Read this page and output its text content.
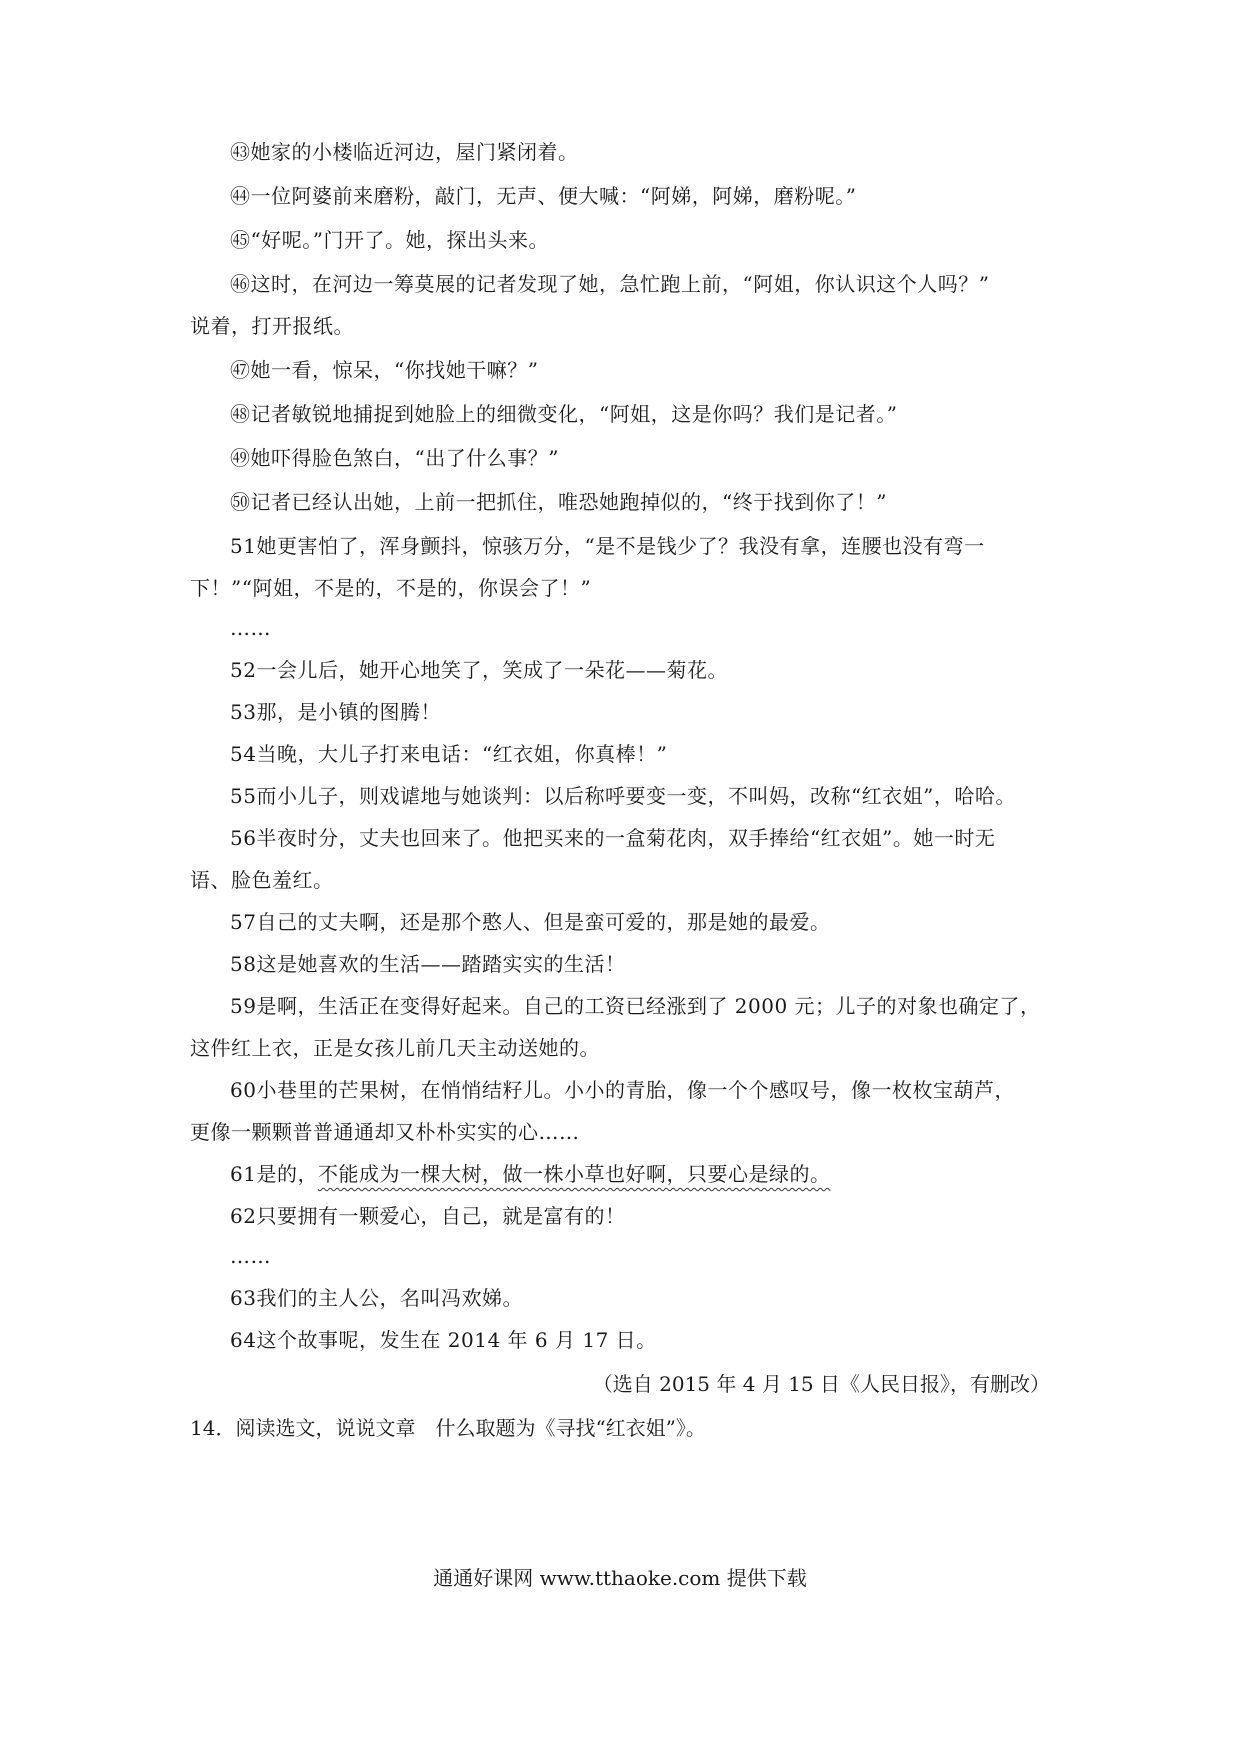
㊸她家的小楼临近河边，屋门紧闭着。
㊹一位阿婆前来磨粉，敲门，无声、便大喊：“阿娣，阿娣，磨粉呢。”
㊺“好呢。”门开了。她，探出头来。
㊻这时，在河边一筹莫展的记者发现了她，急忙跑上前，“阿姐，你认识这个人吗？”
说着，打开报纸。
㊼她一看，惊呆，“你找她干嘛？”
㊽记者敏锐地捕捉到她脸上的细微变化，“阿姐，这是你吗？我们是记者。”
㊾她吓得脸色煞白，“出了什么事？”
㊿记者已经认出她，上前一把抓住，唯恐她跑掉似的，“终于找到你了！”
51她更害怕了，浑身颤抖，惊骇万分，“是不是钱少了？我没有拿，连腰也没有弯一
下！”“阿姐，不是的，不是的，你误会了！”
……
52一会儿后，她开心地笑了，笑成了一朵花——菊花。
53那，是小镇的图腾！
54当晚，大儿子打来电话：“红衣姐，你真棒！”
55而小儿子，则戏谑地与她谈判：以后称呼要变一变，不叫妈，改称“红衣姐”，哈哈。
56半夜时分，丈夫也回来了。他把买来的一盒菊花肉，双手捧给“红衣姐”。她一时无
语、脸色羞红。
57自己的丈夫啊，还是那个憨人、但是蛮可爱的，那是她的最爱。
58这是她喜欢的生活——踏踏实实的生活！
59是啊，生活正在变得好起来。自己的工资已经涨到了 2000 元；儿子的对象也确定了，
这件红上衣，正是女孩儿前几天主动送她的。
60小巷里的芒果树，在悄悄结籽儿。小小的青胎，像一个个感叹号，像一枚枚宝葫芦，
更像一颗颗普普通通却又朴朴实实的心……
61是的，不能成为一棵大树，做一株小草也好啊，只要心是绿的。
62只要拥有一颗爱心，自己，就是富有的！
……
63我们的主人公，名叫冯欢娣。
64这个故事呢，发生在 2014 年 6 月 17 日。
（选自 2015 年 4 月 15 日《人民日报》，有删改）
14．阅读选文，说说文章　什么取题为《寻找“红衣姐”》。
通通好课网 www.tthaoke.com 提供下载
